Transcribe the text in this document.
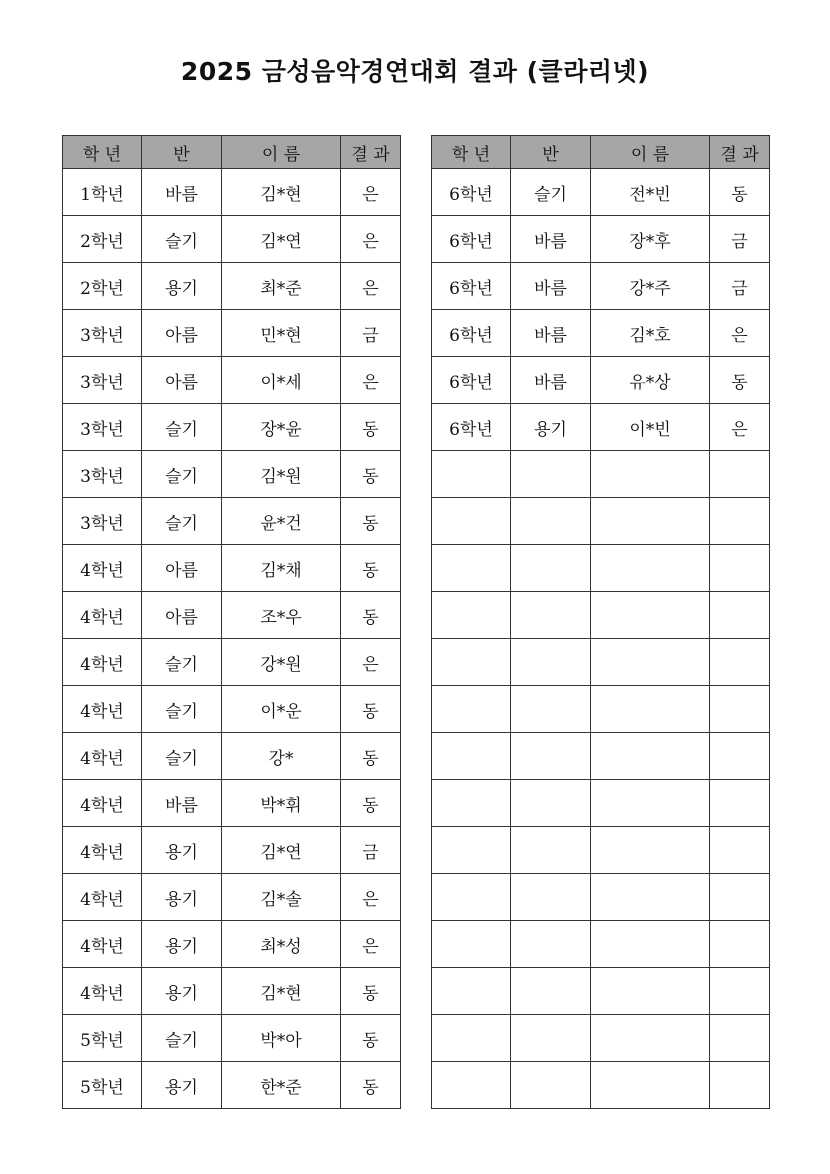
2025 금성음악경연대회 결과 (클라리넷)
학 년	반	이 름	결 과
1학년	바름	김*현	은
2학년	슬기	김*연	은
2학년	용기	최*준	은
3학년	아름	민*현	금
3학년	아름	이*세	은
3학년	슬기	장*윤	동
3학년	슬기	김*원	동
3학년	슬기	윤*건	동
4학년	아름	김*채	동
4학년	아름	조*우	동
4학년	슬기	강*원	은
4학년	슬기	이*운	동
4학년	슬기	강*	동
4학년	바름	박*휘	동
4학년	용기	김*연	금
4학년	용기	김*솔	은
4학년	용기	최*성	은
4학년	용기	김*현	동
5학년	슬기	박*아	동
5학년	용기	한*준	동
학 년	반	이 름	결 과
6학년	슬기	전*빈	동
6학년	바름	장*후	금
6학년	바름	강*주	금
6학년	바름	김*호	은
6학년	바름	유*상	동
6학년	용기	이*빈	은
